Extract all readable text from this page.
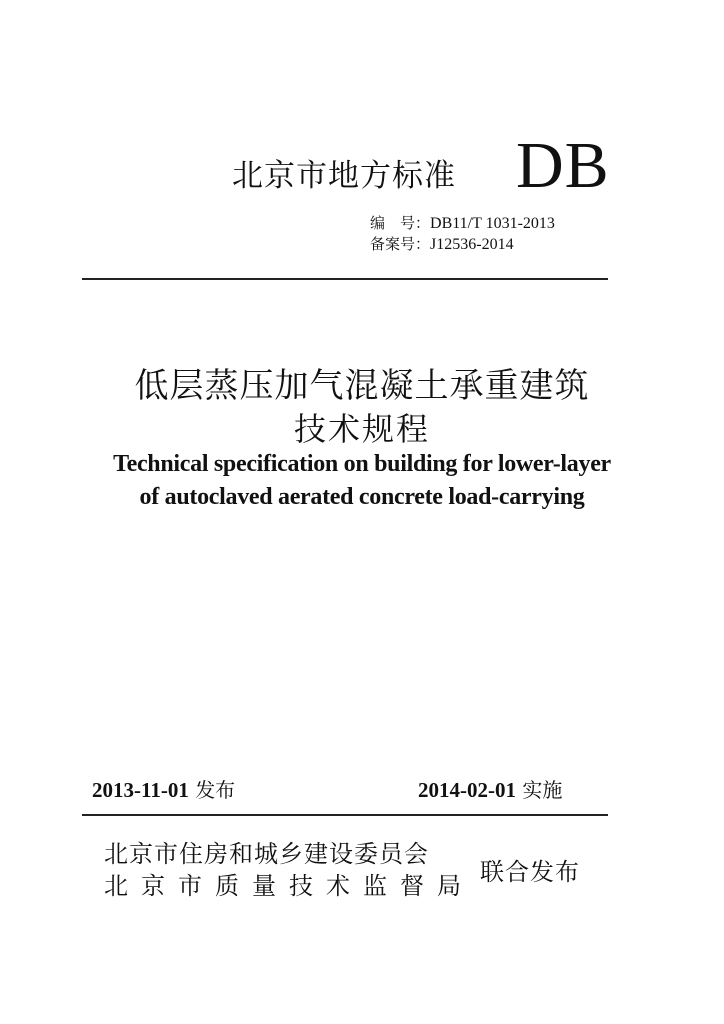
北京市地方标准 DB
编　号：DB11/T 1031-2013
备案号：J12536-2014
低层蒸压加气混凝土承重建筑
技术规程
Technical specification on building for lower-layer
of autoclaved aerated concrete load-carrying
2013-11-01 发布	2014-02-01 实施
北京市住房和城乡建设委员会
北京市质量技术监督局 联合发布
